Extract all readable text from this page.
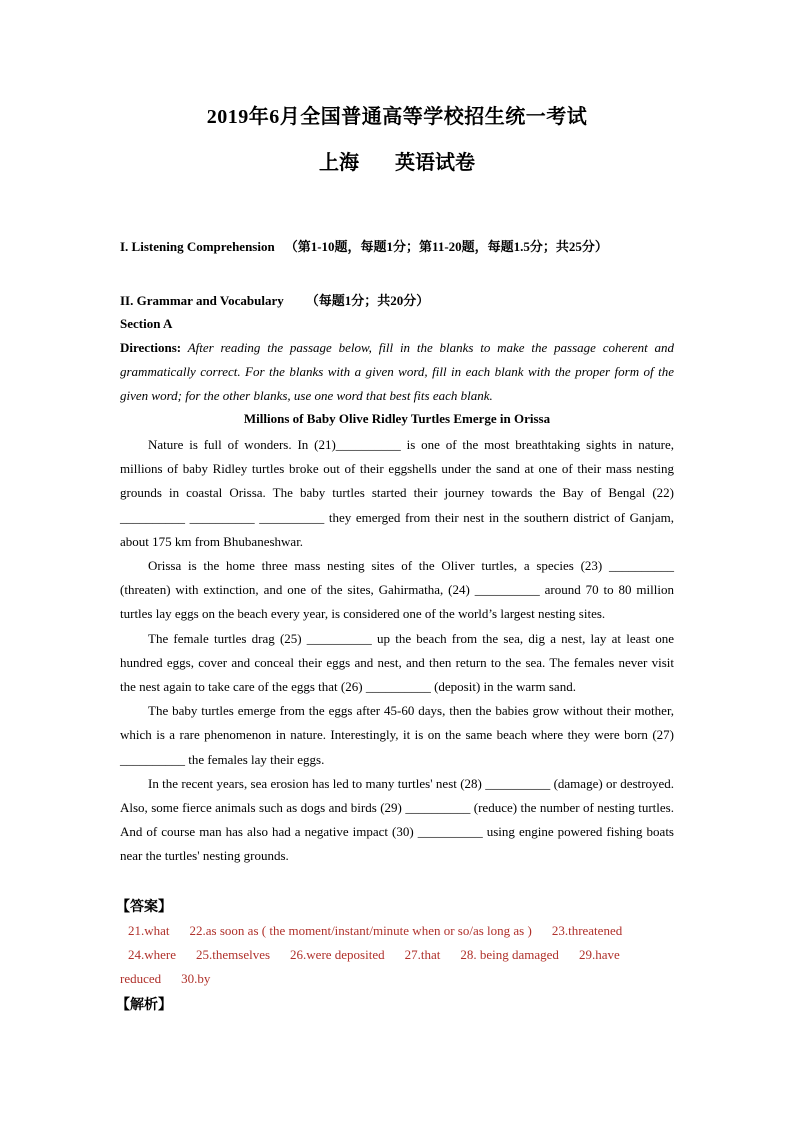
2019年6月全国普通高等学校招生统一考试
上海 英语试卷
I. Listening Comprehension （第1-10题，每题1分；第11-20题，每题1.5分；共25分）
II. Grammar and Vocabulary （每题1分；共20分）
Section A
Directions: After reading the passage below, fill in the blanks to make the passage coherent and grammatically correct. For the blanks with a given word, fill in each blank with the proper form of the given word; for the other blanks, use one word that best fits each blank.
Millions of Baby Olive Ridley Turtles Emerge in Orissa

Nature is full of wonders. In (21)__________ is one of the most breathtaking sights in nature, millions of baby Ridley turtles broke out of their eggshells under the sand at one of their mass nesting grounds in coastal Orissa. The baby turtles started their journey towards the Bay of Bengal (22) __________ __________ __________ they emerged from their nest in the southern district of Ganjam, about 175 km from Bhubaneshwar.

Orissa is the home three mass nesting sites of the Oliver turtles, a species (23) __________ (threaten) with extinction, and one of the sites, Gahirmatha, (24) __________ around 70 to 80 million turtles lay eggs on the beach every year, is considered one of the world’s largest nesting sites.

The female turtles drag (25) __________ up the beach from the sea, dig a nest, lay at least one hundred eggs, cover and conceal their eggs and nest, and then return to the sea. The females never visit the nest again to take care of the eggs that (26) __________ (deposit) in the warm sand.

The baby turtles emerge from the eggs after 45-60 days, then the babies grow without their mother, which is a rare phenomenon in nature. Interestingly, it is on the same beach where they were born (27) __________ the females lay their eggs.

In the recent years, sea erosion has led to many turtles' nest (28) __________ (damage) or destroyed. Also, some fierce animals such as dogs and birds (29) __________ (reduce) the number of nesting turtles. And of course man has also had a negative impact (30) __________ using engine powered fishing boats near the turtles' nesting grounds.

【答案】
21.what 22.as soon as ( the moment/instant/minute when or so/as long as ) 23.threatened
24.where 25.themselves 26.were deposited 27.that 28. being damaged 29.have
reduced 30.by
【解析】
